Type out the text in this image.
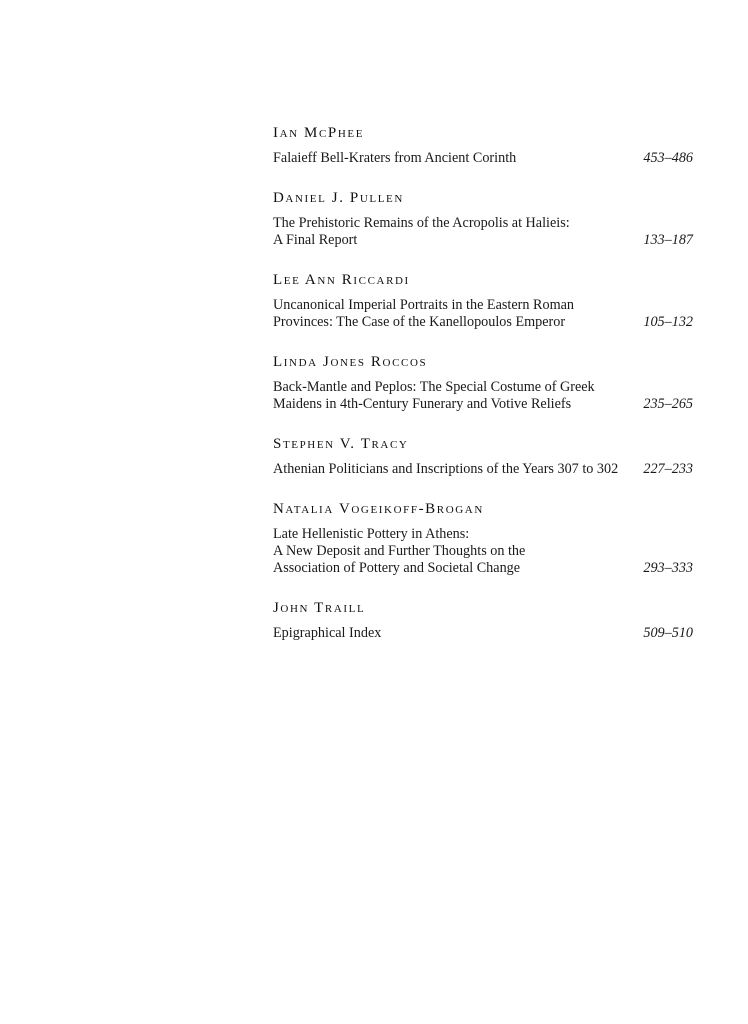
Ian McPhee
Falaieff Bell-Kraters from Ancient Corinth	453–486
Daniel J. Pullen
The Prehistoric Remains of the Acropolis at Halieis:
A Final Report	133–187
Lee Ann Riccardi
Uncanonical Imperial Portraits in the Eastern Roman
Provinces: The Case of the Kanellopoulos Emperor	105–132
Linda Jones Roccos
Back-Mantle and Peplos: The Special Costume of Greek
Maidens in 4th-Century Funerary and Votive Reliefs	235–265
Stephen V. Tracy
Athenian Politicians and Inscriptions of the Years 307 to 302	227–233
Natalia Vogeikoff-Brogan
Late Hellenistic Pottery in Athens:
A New Deposit and Further Thoughts on the
Association of Pottery and Societal Change	293–333
John Traill
Epigraphical Index	509–510
